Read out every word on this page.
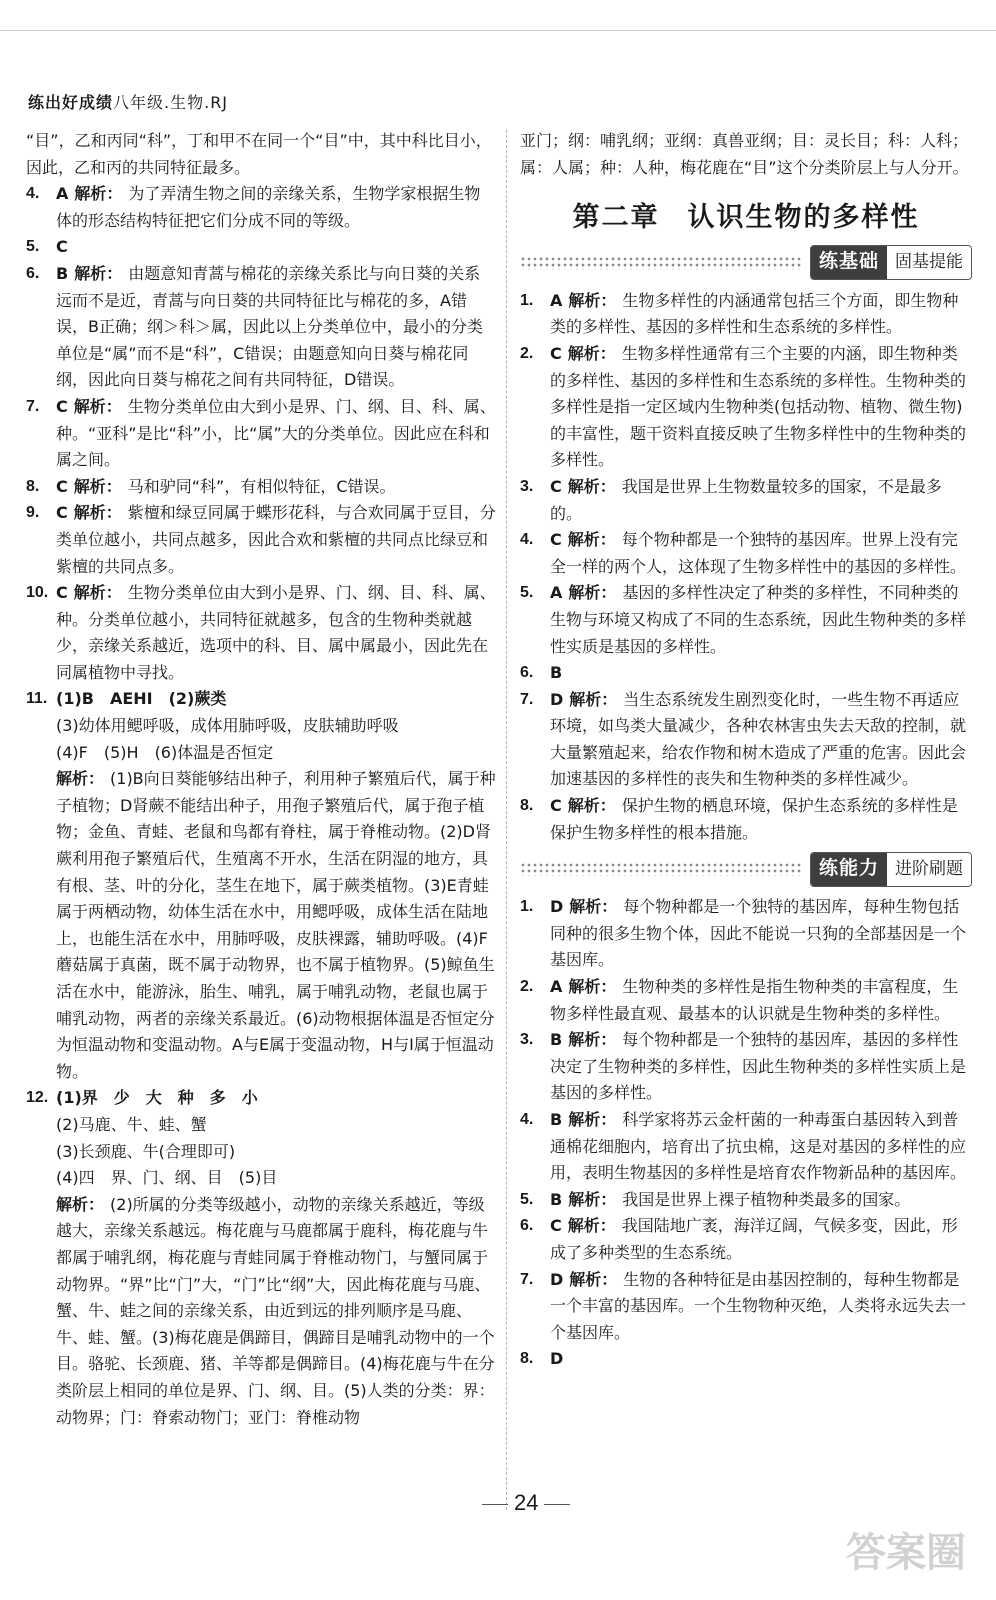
练出好成绩八年级.生物.RJ

“目”，乙和丙同“科”，丁和甲不在同一个“目”中，其中科比目小，因此，乙和丙的共同特征最多。

4. A 解析： 为了弄清生物之间的亲缘关系，生物学家根据生物体的形态结构特征把它们分成不同的等级。
5. C
6. B 解析： 由题意知青蒿与棉花的亲缘关系比与向日葵的关系远而不是近，青蒿与向日葵的共同特征比与棉花的多，A错误，B正确；纲＞科＞属，因此以上分类单位中，最小的分类单位是“属”而不是“科”，C错误；由题意知向日葵与棉花同纲，因此向日葵与棉花之间有共同特征，D错误。
7. C 解析： 生物分类单位由大到小是界、门、纲、目、科、属、种。“亚科”是比“科”小，比“属”大的分类单位。因此应在科和属之间。
8. C 解析： 马和驴同“科”，有相似特征，C错误。
9. C 解析： 紫檀和绿豆同属于蝶形花科，与合欢同属于豆目，分类单位越小，共同点越多，因此合欢和紫檀的共同点比绿豆和紫檀的共同点多。
10. C 解析： 生物分类单位由大到小是界、门、纲、目、科、属、种。分类单位越小，共同特征就越多，包含的生物种类就越少，亲缘关系越近，选项中的科、目、属中属最小，因此先在同属植物中寻找。
11. (1)B　AEHI　(2)蕨类
(3)幼体用鳃呼吸，成体用肺呼吸，皮肤辅助呼吸
(4)F　(5)H　(6)体温是否恒定
解析： (1)B向日葵能够结出种子，利用种子繁殖后代，属于种子植物；D肾蕨不能结出种子，用孢子繁殖后代，属于孢子植物；金鱼、青蛙、老鼠和鸟都有脊柱，属于脊椎动物。(2)D肾蕨利用孢子繁殖后代，生殖离不开水，生活在阴湿的地方，具有根、茎、叶的分化，茎生在地下，属于蕨类植物。(3)E青蛙属于两栖动物，幼体生活在水中，用鳃呼吸，成体生活在陆地上，也能生活在水中，用肺呼吸，皮肤裸露，辅助呼吸。(4)F蘑菇属于真菌，既不属于动物界，也不属于植物界。(5)鲸鱼生活在水中，能游泳，胎生、哺乳，属于哺乳动物，老鼠也属于哺乳动物，两者的亲缘关系最近。(6)动物根据体温是否恒定分为恒温动物和变温动物。A与E属于变温动物，H与I属于恒温动物。
12. (1)界　少　大　种　多　小
(2)马鹿、牛、蛙、蟹
(3)长颈鹿、牛(合理即可)
(4)四　界、门、纲、目　(5)目
解析： (2)所属的分类等级越小，动物的亲缘关系越近，等级越大，亲缘关系越远。梅花鹿与马鹿都属于鹿科，梅花鹿与牛都属于哺乳纲，梅花鹿与青蛙同属于脊椎动物门，与蟹同属于动物界。“界”比“门”大，“门”比“纲”大，因此梅花鹿与马鹿、蟹、牛、蛙之间的亲缘关系，由近到远的排列顺序是马鹿、牛、蛙、蟹。(3)梅花鹿是偶蹄目，偶蹄目是哺乳动物中的一个目。骆驼、长颈鹿、猪、羊等都是偶蹄目。(4)梅花鹿与牛在分类阶层上相同的单位是界、门、纲、目。(5)人类的分类：界：动物界；门：脊索动物门；亚门：脊椎动物

亚门；纲：哺乳纲；亚纲：真兽亚纲；目：灵长目；科：人科；属：人属；种：人种，梅花鹿在“目”这个分类阶层上与人分开。

第二章 认识生物的多样性
练基础 固基提能
1. A 解析： 生物多样性的内涵通常包括三个方面，即生物种类的多样性、基因的多样性和生态系统的多样性。
2. C 解析： 生物多样性通常有三个主要的内涵，即生物种类的多样性、基因的多样性和生态系统的多样性。生物种类的多样性是指一定区域内生物种类(包括动物、植物、微生物)的丰富性，题干资料直接反映了生物多样性中的生物种类的多样性。
3. C 解析： 我国是世界上生物数量较多的国家，不是最多的。
4. C 解析： 每个物种都是一个独特的基因库。世界上没有完全一样的两个人，这体现了生物多样性中的基因的多样性。
5. A 解析： 基因的多样性决定了种类的多样性，不同种类的生物与环境又构成了不同的生态系统，因此生物种类的多样性实质是基因的多样性。
6. B
7. D 解析： 当生态系统发生剧烈变化时，一些生物不再适应环境，如鸟类大量减少，各种农林害虫失去天敌的控制，就大量繁殖起来，给农作物和树木造成了严重的危害。因此会加速基因的多样性的丧失和生物种类的多样性减少。
8. C 解析： 保护生物的栖息环境，保护生态系统的多样性是保护生物多样性的根本措施。
练能力 进阶刷题
1. D 解析： 每个物种都是一个独特的基因库，每种生物包括同种的很多生物个体，因此不能说一只狗的全部基因是一个基因库。
2. A 解析： 生物种类的多样性是指生物种类的丰富程度，生物多样性最直观、最基本的认识就是生物种类的多样性。
3. B 解析： 每个物种都是一个独特的基因库，基因的多样性决定了生物种类的多样性，因此生物种类的多样性实质上是基因的多样性。
4. B 解析： 科学家将苏云金杆菌的一种毒蛋白基因转入到普通棉花细胞内，培育出了抗虫棉，这是对基因的多样性的应用，表明生物基因的多样性是培育农作物新品种的基因库。
5. B 解析： 我国是世界上裸子植物种类最多的国家。
6. C 解析： 我国陆地广袤，海洋辽阔，气候多变，因此，形成了多种类型的生态系统。
7. D 解析： 生物的各种特征是由基因控制的，每种生物都是一个丰富的基因库。一个生物物种灭绝，人类将永远失去一个基因库。
8. D
24
答案圈
